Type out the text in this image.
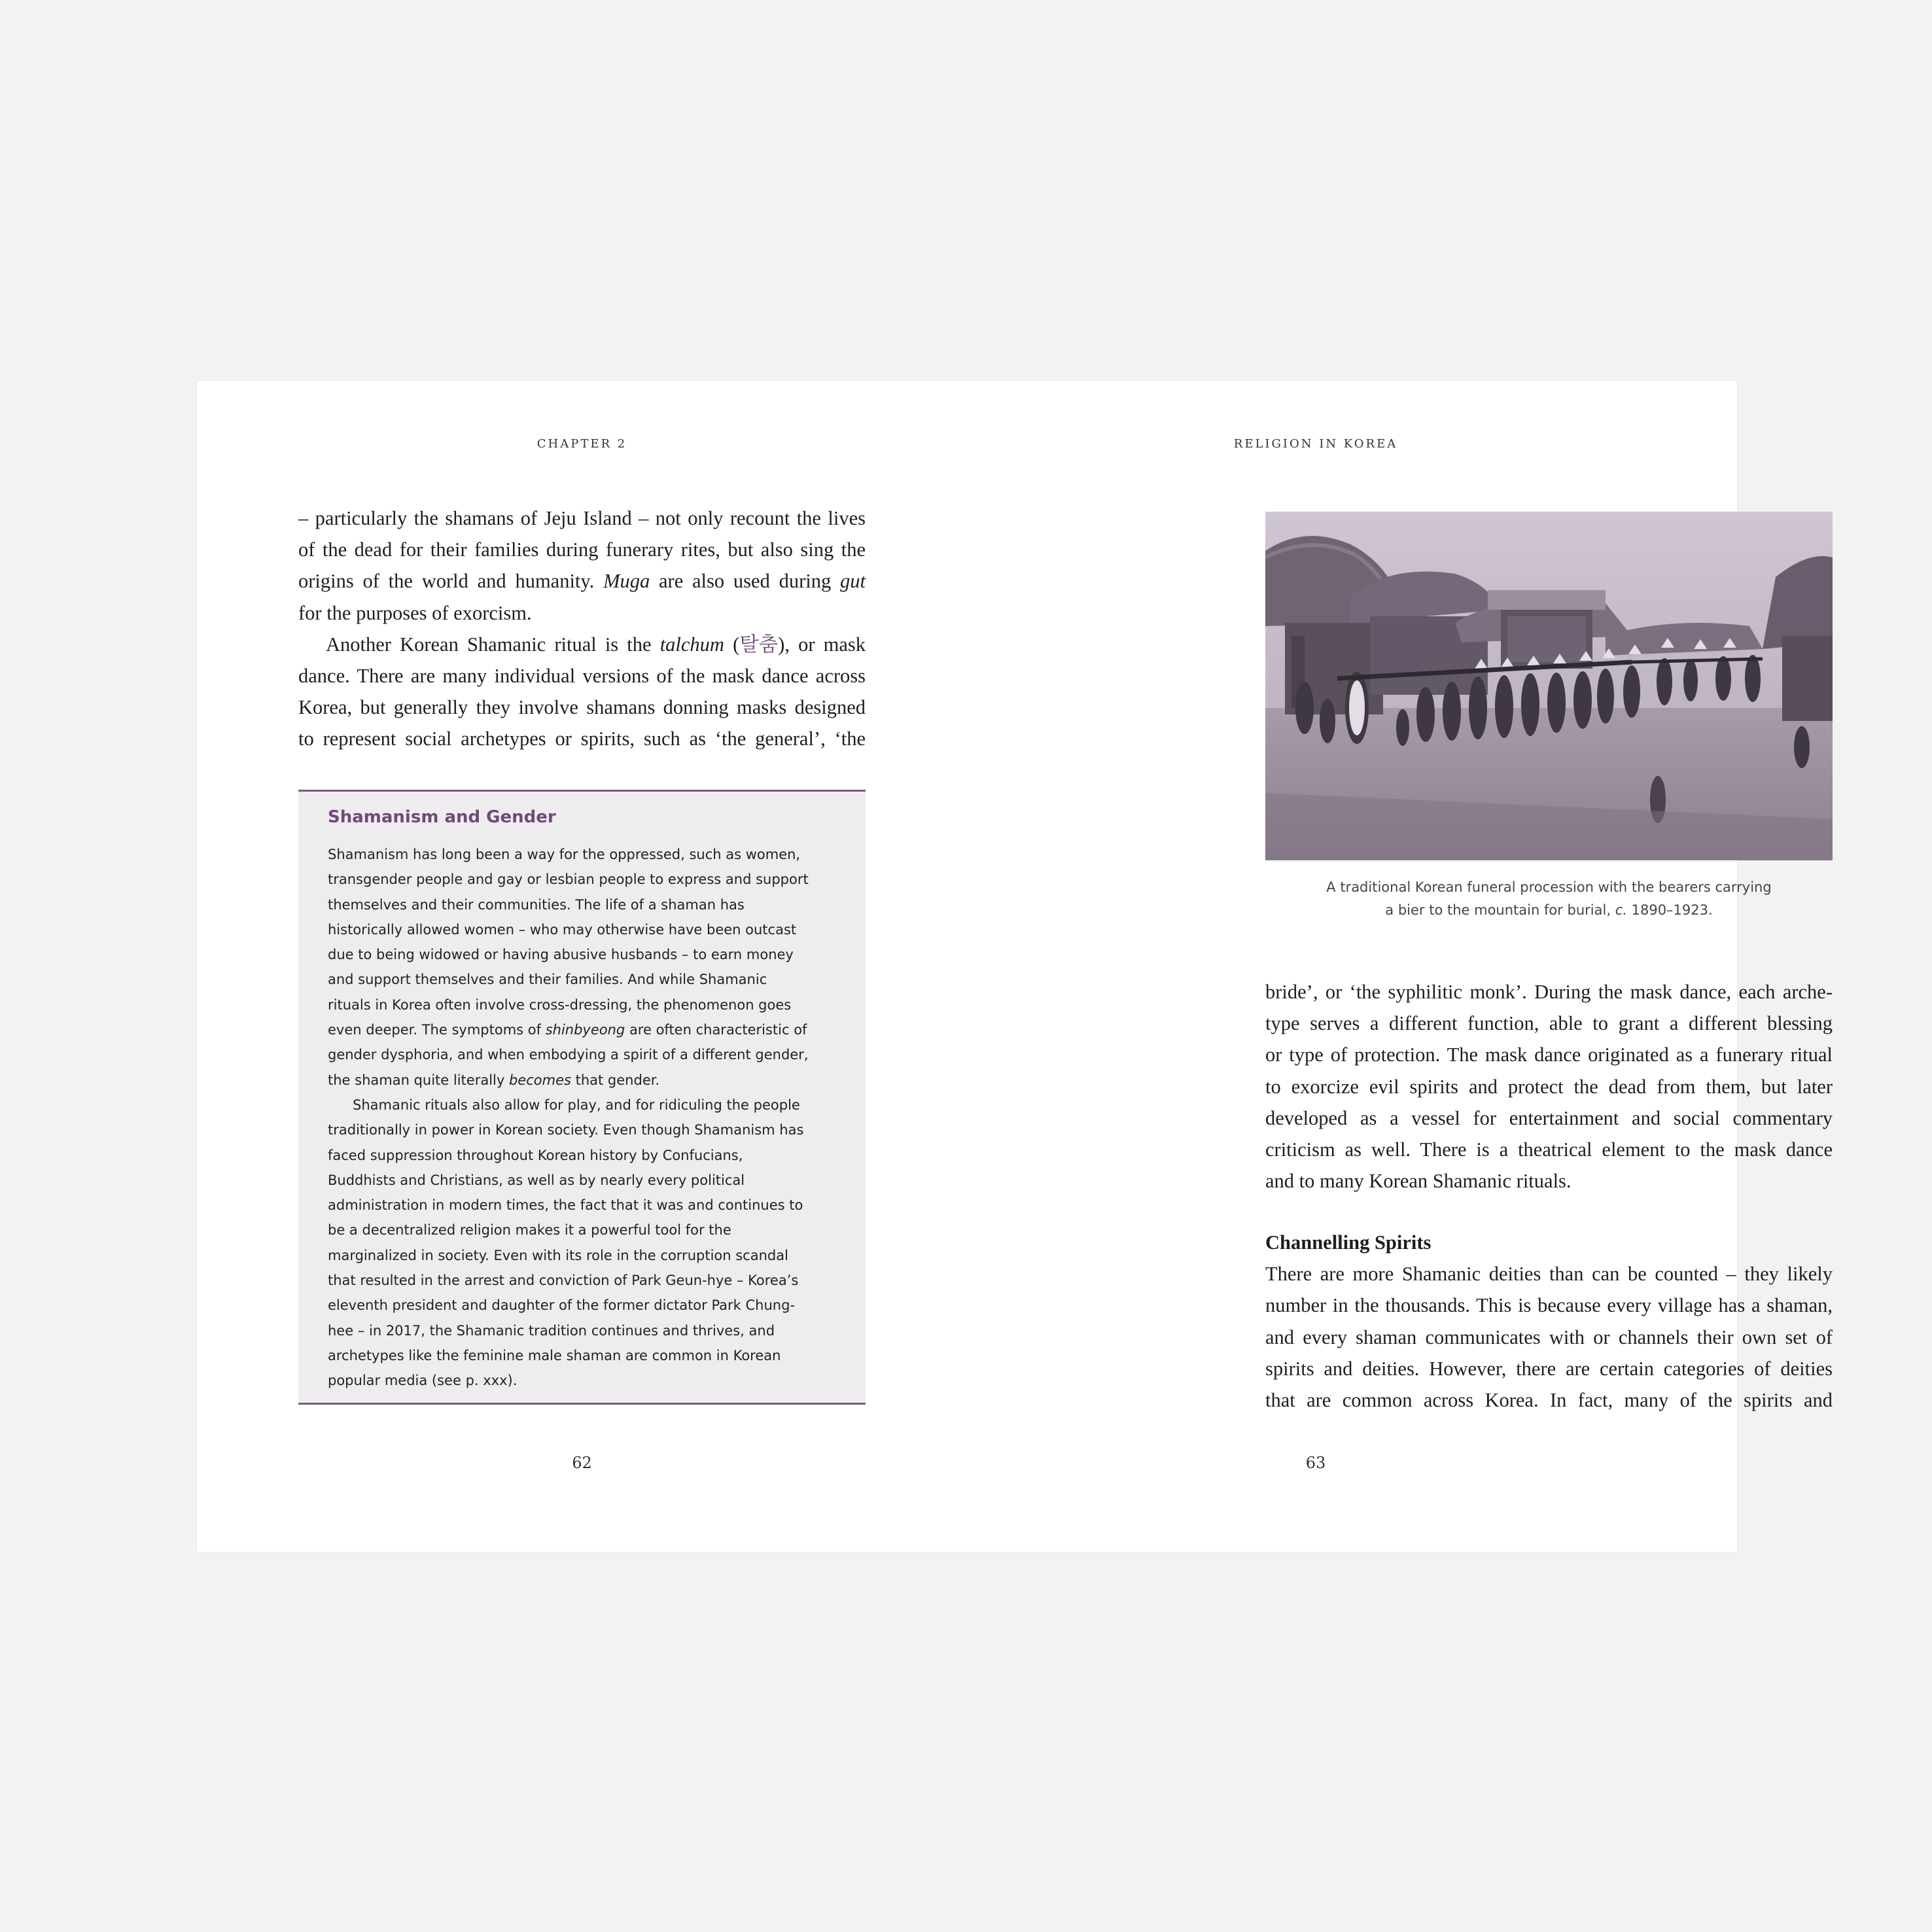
CHAPTER 2
– particularly the shamans of Jeju Island – not only recount the lives
of the dead for their families during funerary rites, but also sing the
origins of the world and humanity. Muga are also used during gut
for the purposes of exorcism.
Another Korean Shamanic ritual is the talchum (탈춤), or mask
dance. There are many individual versions of the mask dance across
Korea, but generally they involve shamans donning masks designed
to represent social archetypes or spirits, such as ‘the general’, ‘the
Shamanism and Gender
Shamanism has long been a way for the oppressed, such as women,
transgender people and gay or lesbian people to express and support
themselves and their communities. The life of a shaman has
historically allowed women – who may otherwise have been outcast
due to being widowed or having abusive husbands – to earn money
and support themselves and their families. And while Shamanic
rituals in Korea often involve cross-dressing, the phenomenon goes
even deeper. The symptoms of shinbyeong are often characteristic of
gender dysphoria, and when embodying a spirit of a different gender,
the shaman quite literally becomes that gender.
Shamanic rituals also allow for play, and for ridiculing the people
traditionally in power in Korean society. Even though Shamanism has
faced suppression throughout Korean history by Confucians,
Buddhists and Christians, as well as by nearly every political
administration in modern times, the fact that it was and continues to
be a decentralized religion makes it a powerful tool for the
marginalized in society. Even with its role in the corruption scandal
that resulted in the arrest and conviction of Park Geun-hye – Korea’s
eleventh president and daughter of the former dictator Park Chung-
hee – in 2017, the Shamanic tradition continues and thrives, and
archetypes like the feminine male shaman are common in Korean
popular media (see p. xxx).
62
RELIGION IN KOREA
A traditional Korean funeral procession with the bearers carrying
a bier to the mountain for burial, c. 1890–1923.
bride’, or ‘the syphilitic monk’. During the mask dance, each arche-
type serves a different function, able to grant a different blessing
or type of protection. The mask dance originated as a funerary ritual
to exorcize evil spirits and protect the dead from them, but later
developed as a vessel for entertainment and social commentary
criticism as well. There is a theatrical element to the mask dance
and to many Korean Shamanic rituals.
Channelling Spirits
There are more Shamanic deities than can be counted – they likely
number in the thousands. This is because every village has a shaman,
and every shaman communicates with or channels their own set of
spirits and deities. However, there are certain categories of deities
that are common across Korea. In fact, many of the spirits and
63
